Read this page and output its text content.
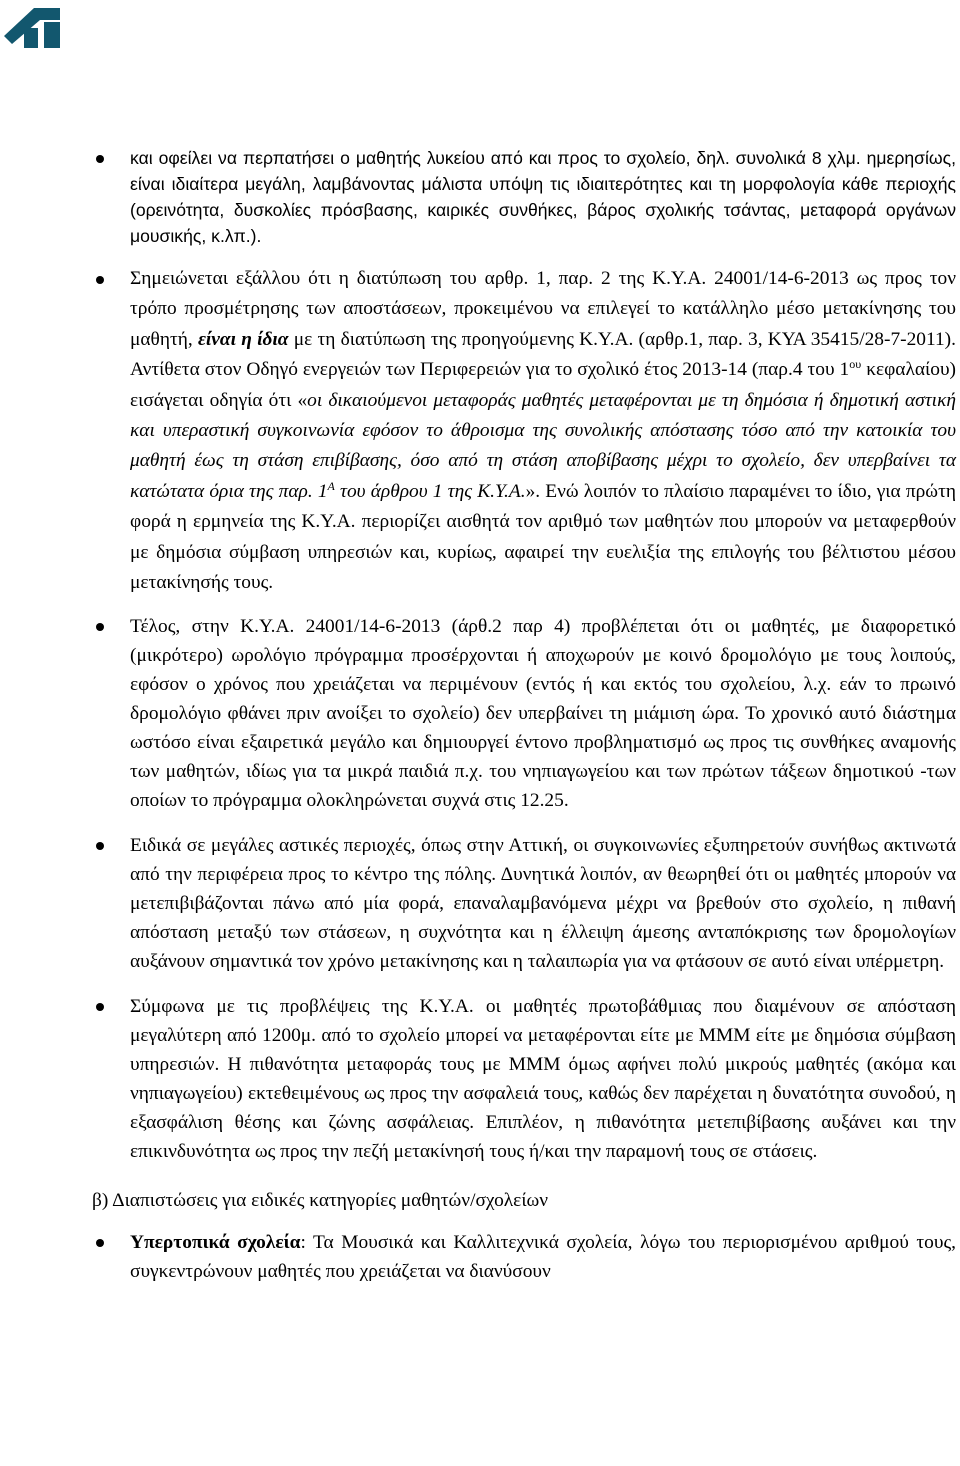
και οφείλει να περπατήσει ο μαθητής λυκείου από και προς το σχολείο, δηλ. συνολικά 8 χλμ. ημερησίως, είναι ιδιαίτερα μεγάλη, λαμβάνοντας μάλιστα υπόψη τις ιδιαιτερότητες και τη μορφολογία κάθε περιοχής (ορεινότητα, δυσκολίες πρόσβασης, καιρικές συνθήκες, βάρος σχολικής τσάντας, μεταφορά οργάνων μουσικής, κ.λπ.).
Σημειώνεται εξάλλου ότι η διατύπωση του αρθρ. 1, παρ. 2 της Κ.Υ.Α. 24001/14-6-2013 ως προς τον τρόπο προσμέτρησης των αποστάσεων, προκειμένου να επιλεγεί το κατάλληλο μέσο μετακίνησης του μαθητή, είναι η ίδια με τη διατύπωση της προηγούμενης Κ.Υ.Α. (αρθρ.1, παρ. 3, ΚΥΑ 35415/28-7-2011). Αντίθετα στον Οδηγό ενεργειών των Περιφερειών για το σχολικό έτος 2013-14 (παρ.4 του $1^{o\upsilon}$ κεφαλαίου) εισάγεται οδηγία ότι «οι δικαιούμενοι μεταφοράς μαθητές μεταφέρονται με τη δημόσια ή δημοτική αστική και υπεραστική συγκοινωνία εφόσον το άθροισμα της συνολικής απόστασης τόσο από την κατοικία του μαθητή έως τη στάση επιβίβασης, όσο από τη στάση αποβίβασης μέχρι το σχολείο, δεν υπερβαίνει τα κατώτατα όρια της παρ. $1^A$ του άρθρου 1 της Κ.Υ.Α.». Ενώ λοιπόν το πλαίσιο παραμένει το ίδιο, για πρώτη φορά η ερμηνεία της Κ.Υ.Α. περιορίζει αισθητά τον αριθμό των μαθητών που μπορούν να μεταφερθούν με δημόσια σύμβαση υπηρεσιών και, κυρίως, αφαιρεί την ευελιξία της επιλογής του βέλτιστου μέσου μετακίνησής τους.
Τέλος, στην Κ.Υ.Α. 24001/14-6-2013 (άρθ.2 παρ 4) προβλέπεται ότι οι μαθητές, με διαφορετικό (μικρότερο) ωρολόγιο πρόγραμμα προσέρχονται ή αποχωρούν με κοινό δρομολόγιο με τους λοιπούς, εφόσον ο χρόνος που χρειάζεται να περιμένουν (εντός ή και εκτός του σχολείου, λ.χ. εάν το πρωινό δρομολόγιο φθάνει πριν ανοίξει το σχολείο) δεν υπερβαίνει τη μιάμιση ώρα. Το χρονικό αυτό διάστημα ωστόσο είναι εξαιρετικά μεγάλο και δημιουργεί έντονο προβληματισμό ως προς τις συνθήκες αναμονής των μαθητών, ιδίως για τα μικρά παιδιά π.χ. του νηπιαγωγείου και των πρώτων τάξεων δημοτικού -των οποίων το πρόγραμμα ολοκληρώνεται συχνά στις 12.25.
Ειδικά σε μεγάλες αστικές περιοχές, όπως στην Αττική, οι συγκοινωνίες εξυπηρετούν συνήθως ακτινωτά από την περιφέρεια προς το κέντρο της πόλης. Δυνητικά λοιπόν, αν θεωρηθεί ότι οι μαθητές μπορούν να μετεπιβιβάζονται πάνω από μία φορά, επαναλαμβανόμενα μέχρι να βρεθούν στο σχολείο, η πιθανή απόσταση μεταξύ των στάσεων, η συχνότητα και η έλλειψη άμεσης ανταπόκρισης των δρομολογίων αυξάνουν σημαντικά τον χρόνο μετακίνησης και η ταλαιπωρία για να φτάσουν σε αυτό είναι υπέρμετρη.
Σύμφωνα με τις προβλέψεις της Κ.Υ.Α. οι μαθητές πρωτοβάθμιας που διαμένουν σε απόσταση μεγαλύτερη από 1200μ. από το σχολείο μπορεί να μεταφέρονται είτε με ΜΜΜ είτε με δημόσια σύμβαση υπηρεσιών. Η πιθανότητα μεταφοράς τους με ΜΜΜ όμως αφήνει πολύ μικρούς μαθητές (ακόμα και νηπιαγωγείου) εκτεθειμένους ως προς την ασφαλειά τους, καθώς δεν παρέχεται η δυνατότητα συνοδού, η εξασφάλιση θέσης και ζώνης ασφάλειας. Επιπλέον, η πιθανότητα μετεπιβίβασης αυξάνει και την επικινδυνότητα ως προς την πεζή μετακίνησή τους ή/και την παραμονή τους σε στάσεις.
β) Διαπιστώσεις για ειδικές κατηγορίες μαθητών/σχολείων
Υπερτοπικά σχολεία: Τα Μουσικά και Καλλιτεχνικά σχολεία, λόγω του περιορισμένου αριθμού τους, συγκεντρώνουν μαθητές που χρειάζεται να διανύσουν
